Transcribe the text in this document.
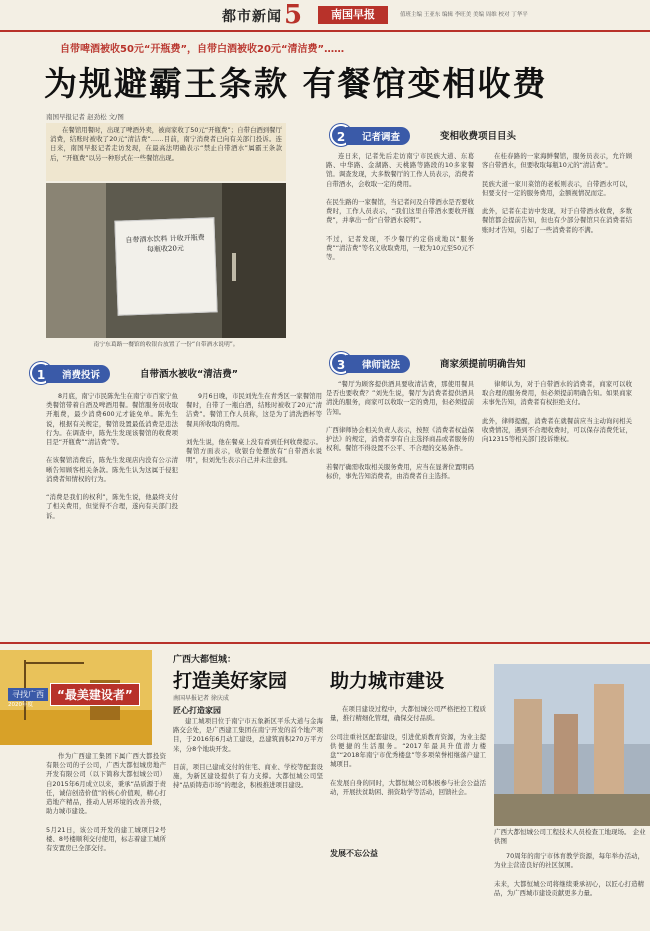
都市新闻 5	南国早报	值班主编 王亚东 编辑 李旺美 美编 周维 校对 丁华平
自带啤酒被收50元“开瓶费”，自带白酒被收20元“清洁费”……
为规避霸王条款 有餐馆变相收费
南国早报记者 赵劲松 文/图
在餐馆用餐时，出现了啤酒外卖，被商家收了50元“开瓶费”；自带白酒到餐厅消费，结账时被收了20元“清洁费”……目前，南宁消费者已向有关部门投诉。连日来，南国早报记者走访发现，在最高法明确表示“禁止自带酒水”属霸王条款后，“开瓶费”以另一种形式在一些餐馆出现。
自带酒水饮料 计收开瓶费 每瓶收20元
南宁东葛路一餐馆的收银台放置了一份“自带酒水说明”。
2	记者调查	变相收费项目目头
连日来，记者先后走访南宁市民族大道、东葛路、中华路、金湖路、天桃路等路段的10多家餐馆。调查发现，大多数餐厅的工作人员表示，消费者自带酒水，会收取一定的费用。

在民生路的一家餐馆，当记者问及自带酒水是否要收费时，工作人员表示，“我们这里自带酒水要收开瓶费”，并拿出一份“自带酒水说明”。

不过，记者发现，不少餐厅约定俗成地以“服务费”“清洁费”等名义收取费用，一般为10元至50元不等。
在桂春路的一家海鲜餐馆，服务员表示，允许顾客自带酒水，但要收取每瓶10元的“清洁费”。

民族大道一家川菜馆的老板则表示，自带酒水可以，但要支付一定的服务费用，金额视情况而定。

此外，记者在走访中发现，对于自带酒水收费，多数餐馆都会提前告知，但也有少部分餐馆只在消费者结账时才告知，引起了一些消费者的不满。
1	消费投诉	自带酒水被收“清洁费”
8月底，南宁市民陈先生在南宁市百家宁鱼类餐馆带着自酒及啤酒用餐。餐馆服务员收取开瓶费，最少消费600元才能免单。陈先生说，根据有关规定，餐馆设置最低消费是违法行为。在调查中，陈先生发现该餐馆的收费项目是“开瓶费”“清洁费”等。

在该餐馆消费后，陈先生发现店内没有公示清晰告知顾客相关条款。陈先生认为这属于侵犯消费者知情权的行为。

“消费是我们的权利”，陈先生说，他最终支付了相关费用，但觉得不合理，遂向有关部门投诉。
9月6日晚，市民刘先生在青秀区一家餐馆用餐时，自带了一瓶白酒，结账时被收了20元“清洁费”。餐馆工作人员称，这是为了清洗酒杯等餐具所收取的费用。

刘先生说，他在餐桌上没有看到任何收费提示。餐馆方面表示，收银台处摆放有“自带酒水说明”，但刘先生表示自己并未注意到。
3	律师说法	商家须提前明确告知
“餐厅为顾客提供酒具要收清洁费，那使用餐具是否也要收费？”刘先生说，餐厅为消费者提供酒具清洗的服务，商家可以收取一定的费用，但必须提前告知。

广西律师协会相关负责人表示，按照《消费者权益保护法》的规定，消费者享有自主选择商品或者服务的权利。餐馆不得设置不公平、不合理的交易条件。

若餐厅确需收取相关服务费用，应当在显著位置明码标价，事先告知消费者，由消费者自主选择。
律师认为，对于自带酒水的消费者，商家可以收取合理的服务费用，但必须提前明确告知。如果商家未事先告知，消费者有权拒绝支付。

此外，律师提醒，消费者在就餐前应当主动询问相关收费情况，遇到不合理收费时，可以保存消费凭证，向12315等相关部门投诉维权。
寻找广西
2020年度
“最美建设者”
广西大都恒城：
打造美好家园 助力城市建设
南国早报记者 徐庆成
作为广西建工集团下属广西大都投资有限公司的子公司，广西大都恒城房地产开发有限公司（以下简称大都恒城公司）自2015年6月成立以来，秉承“品质源于责任，诚信创造价值”的核心价值观，精心打造地产精品，推动人居环境的改善升级，助力城市建设。

5月21日，该公司开发的建工城项目2号楼、8号楼顺利交付使用，标志着建工城所有安置房已全部交付。
匠心打造家园
建工城项目位于南宁市五象新区平乐大道与金海路交会处，是广西建工集团在南宁开发的首个地产项目，于2016年6月动工建设，总建筑面积270万平方米，分8个地块开发。

目前，项目已建成交付的住宅、商业、学校等配套设施，为新区建设提供了有力支撑。大都恒城公司坚持“品质铸造市场”的理念，积极推进项目建设。
在项目建设过程中，大都恒城公司严格把控工程质量，推行精细化管理，确保交付品质。

公司注重社区配套建设，引进优质教育资源，为业主提供便捷的生活服务。“2017年最具升值潜力楼盘”“2018年南宁市优秀楼盘”等多项荣誉相继落户建工城项目。

在发展自身的同时，大都恒城公司积极参与社会公益活动，开展扶贫助困、捐资助学等活动，回馈社会。
发展不忘公益
广西大都恒城公司工程技术人员检查工地现场。 企业供图
70周年的南宁市体育教学资源，每年举办活动，为业主营造良好的社区氛围。

未来，大都恒城公司将继续秉承初心，以匠心打造精品，为广西城市建设贡献更多力量。
